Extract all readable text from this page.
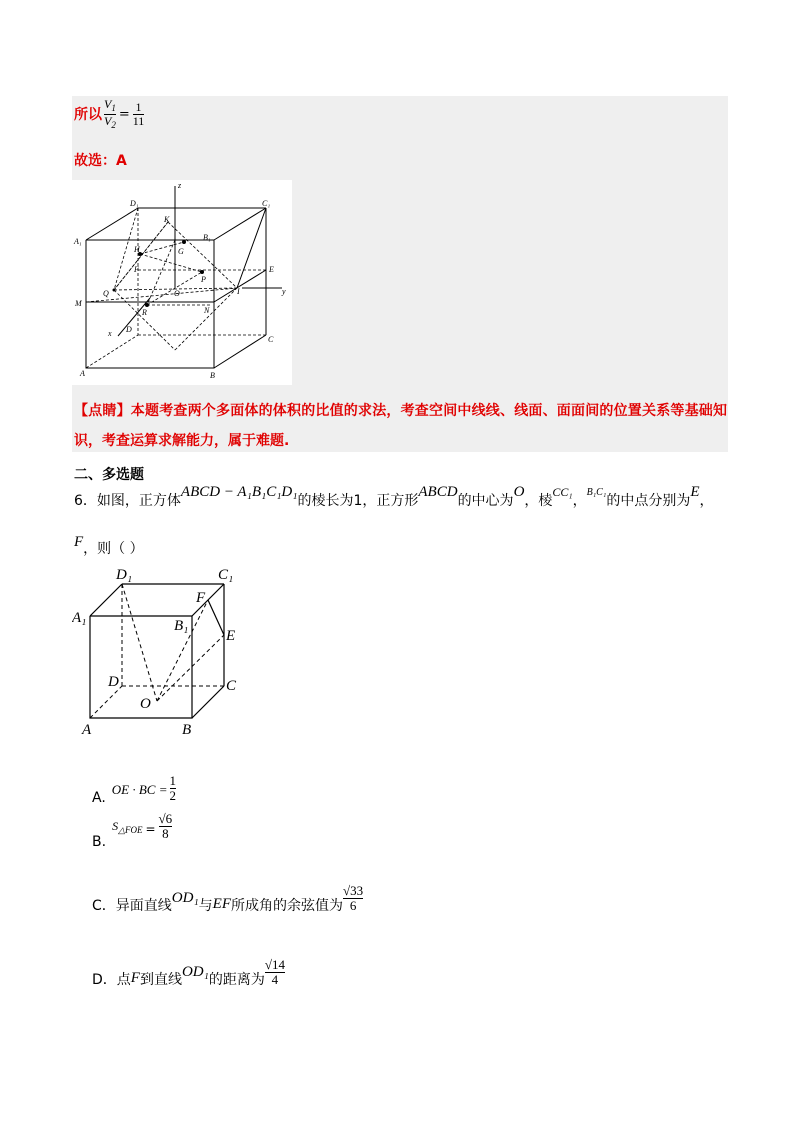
所以 $\frac{V_1}{V_2} = \frac{1}{11}$
故选：A
z
y
x
D₁	C₁
K
B₁
A₁
H	G
E
F
P
Q	O	I
M
R	N
D
C
A	B
【点睛】本题考查两个多面体的体积的比值的求法，考查空间中线线、线面、面面间的位置关系等基础知
识，考查运算求解能力，属于难题.
二、多选题
6．如图，正方体
ABCD − A₁B₁C₁D₁
的棱长为1，正方形
ABCD
的中心为
O
，棱
CC₁
，
B₁C₁
的中点分别为
E
，
F ，则（ ）
D₁	C₁
A₁
F
B₁
E
D	C
O
A	B
A.
OE · BC = $\frac{1}{2}$
B.
$S_{\triangle FOE} = \frac{√6}{8}$
C．异面直线 OD₁ 与 EF 所成角的余弦值为 $\frac{√33}{6}$
D．点 F 到直线 OD₁ 的距离为 $\frac{√14}{4}$
